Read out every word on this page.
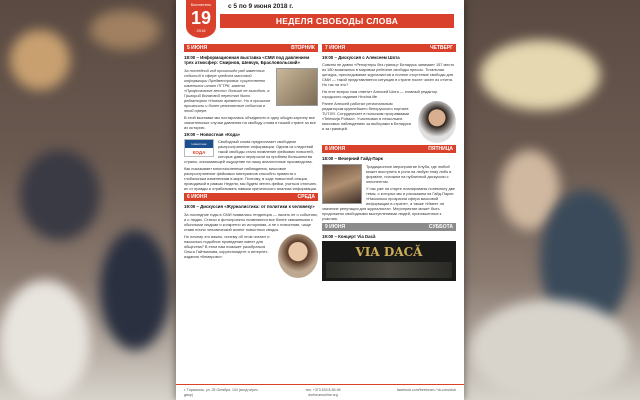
Бюллетень
19
2018
с 5 по 9 июня 2018 г.
НЕДЕЛЯ СВОБОДЫ СЛОВА
5 ИЮНЯ	ВТОРНИК
18:00 – Информационная выставка «СМИ под давлением трех атмосфер: Смирнов, Шевчук, Брасловольский»
За последний год произошёл ряд заметных событий в сфере средств массовой информации Предместровья: существенно изменился штат ПГТРК, газета «Профсоюзные вести» больше не выходит, а Григорий Волжовой перестал быть редактором «Нового времени». Но в прошлом произошли и более резонансные события в этой сфере.
В этой выставке мы постарались объединить в одну общую картину все значительные случаи давления на свободу слова в нашей стране за все их историю.
19:00 – Новостная «Кода»
Новостная
КОДА
Свободный слова предполагает свободное распространение информации. Одним из следствий такой свободы стало появление фейкових новостей, которые давно переросли из проблем большинства страны, описывающей ощущение на нашу аналогичные производства.
Как показывает многочисленные наблюдения, массовое распространение фейковых материалов способно привести к глобальным изменениям в мире. Поэтому, в ходе новостной секции, проводимой в рамках Недели, мы будем четить фейки, учиться отличать их от правды и отрабатывать навыки критического анализа информации.
6 ИЮНЯ	СРЕДА
19:00 – Дискуссия «Журналистика: от политики к человеку»
За последние годы в СМИ появилась тенденция — писать не о событиях, а о людях. Статьи и фотопроекты появляются все более связанными с обычными людьми и конкретно их историями, а не с новостями, чаще ставя лично человеческий аспект новостных сводок.
Но почему это важно, почему об этом читают и насколько подобное проведение имеет для общества? В этом нам поможет разобраться Ольга Гайтманова, корреспондент и интернет-издания «Кемерово».
7 ИЮНЯ	ЧЕТВЕРГ
19:00 – Дискуссия с Алексеем Шота
Совсем не давно «Репортеры без границ» Беларусь занимает 157 место из 180 возможных в мировом рейтинге свободы прессы. Тотальная цензура, преследование журналистов и полное отсутствие свободы для СМИ — такой представляется ситуация в стране после чисел из отчета. Но так ли это?
На этот вопрос нам ответит Алексей Шота — главный редактор городского издания Hrodna.life.
Ранее Алексей работал региональным редактором крупнейшего белорусского портала TUT.BY. Сотрудничает в польским программами «Telewizja Polska». Участвовал в нескольких массовых наблюдениях за выборами в Беларуси и за границей.
8 ИЮНЯ	ПЯТНИЦА
18:00 – Вечерний Гайд-Парк
Традиционное мероприятие Клуба, где любой может выступить в роли на любую тему либо в формате, похожем на публичный дискуссии с оппонентом.
У нас уже на старте планированы понемногу две темы, о которых мы и расскажем на Гайд-Парке: «Насколько прозрачна сфера массовой информации в стране», а также «Имеет ли значение репутация для журналиста». Мероприятие может быть продолжено свободными выступлениями людей, приглашенных к участию.
9 ИЮНЯ	СУББОТА
19:00 – Концерт Via Dacă
VIA DACĂ
г. Тирасполь, ул. 25 Октября, 104 (вход через двор)
тел. +373 533 8-59-96
dorforumonline.org
facebook.com/freeforum / vk.com/club
